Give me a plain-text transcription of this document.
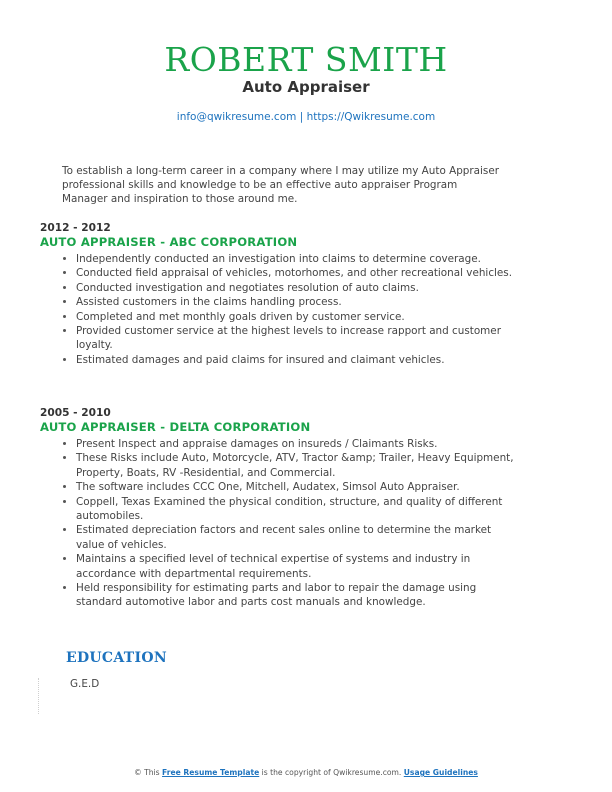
ROBERT SMITH
Auto Appraiser
info@qwikresume.com | https://Qwikresume.com
To establish a long-term career in a company where I may utilize my Auto Appraiser professional skills and knowledge to be an effective auto appraiser Program Manager and inspiration to those around me.
2012 - 2012
AUTO APPRAISER - ABC CORPORATION
• Independently conducted an investigation into claims to determine coverage.
• Conducted field appraisal of vehicles, motorhomes, and other recreational vehicles.
• Conducted investigation and negotiates resolution of auto claims.
• Assisted customers in the claims handling process.
• Completed and met monthly goals driven by customer service.
• Provided customer service at the highest levels to increase rapport and customer loyalty.
• Estimated damages and paid claims for insured and claimant vehicles.
2005 - 2010
AUTO APPRAISER - DELTA CORPORATION
• Present Inspect and appraise damages on insureds / Claimants Risks.
• These Risks include Auto, Motorcycle, ATV, Tractor &amp; Trailer, Heavy Equipment, Property, Boats, RV -Residential, and Commercial.
• The software includes CCC One, Mitchell, Audatex, Simsol Auto Appraiser.
• Coppell, Texas Examined the physical condition, structure, and quality of different automobiles.
• Estimated depreciation factors and recent sales online to determine the market value of vehicles.
• Maintains a specified level of technical expertise of systems and industry in accordance with departmental requirements.
• Held responsibility for estimating parts and labor to repair the damage using standard automotive labor and parts cost manuals and knowledge.
EDUCATION
G.E.D
© This Free Resume Template is the copyright of Qwikresume.com. Usage Guidelines
